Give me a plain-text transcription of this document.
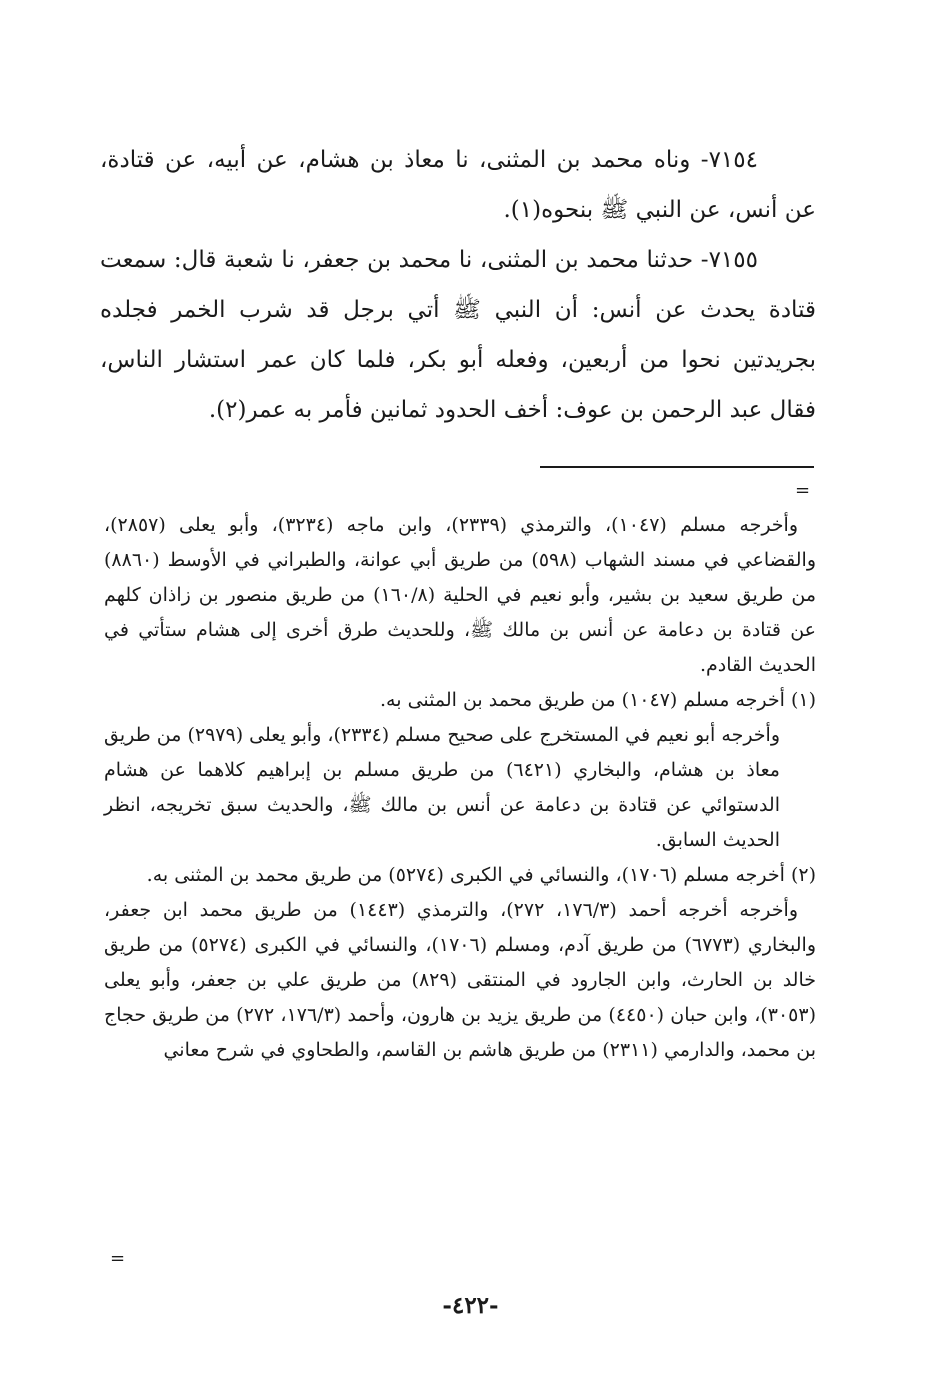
٧١٥٤- وناه محمد بن المثنى، نا معاذ بن هشام، عن أبيه، عن قتادة، عن أنس، عن النبي ﷺ بنحوه(١).

٧١٥٥- حدثنا محمد بن المثنى، نا محمد بن جعفر، نا شعبة قال: سمعت قتادة يحدث عن أنس: أن النبي ﷺ أتي برجل قد شرب الخمر فجلده بجريدتين نحوا من أربعين، وفعله أبو بكر، فلما كان عمر استشار الناس، فقال عبد الرحمن بن عوف: أخف الحدود ثمانين فأمر به عمر(٢).

=

وأخرجه مسلم (١٠٤٧)، والترمذي (٢٣٣٩)، وابن ماجه (٣٢٣٤)، وأبو يعلى (٢٨٥٧)، والقضاعي في مسند الشهاب (٥٩٨) من طريق أبي عوانة، والطبراني في الأوسط (٨٨٦٠) من طريق سعيد بن بشير، وأبو نعيم في الحلية (١٦٠/٨) من طريق منصور بن زاذان كلهم عن قتادة بن دعامة عن أنس بن مالك ﷺ، وللحديث طرق أخرى إلى هشام ستأتي في الحديث القادم.

(١) أخرجه مسلم (١٠٤٧) من طريق محمد بن المثنى به.

وأخرجه أبو نعيم في المستخرج على صحيح مسلم (٢٣٣٤)، وأبو يعلى (٢٩٧٩) من طريق معاذ بن هشام، والبخاري (٦٤٢١) من طريق مسلم بن إبراهيم كلاهما عن هشام الدستوائي عن قتادة بن دعامة عن أنس بن مالك ﷺ، والحديث سبق تخريجه، انظر الحديث السابق.

(٢) أخرجه مسلم (١٧٠٦)، والنسائي في الكبرى (٥٢٧٤) من طريق محمد بن المثنى به.

وأخرجه أخرجه أحمد (١٧٦/٣، ٢٧٢)، والترمذي (١٤٤٣) من طريق محمد ابن جعفر، والبخاري (٦٧٧٣) من طريق آدم، ومسلم (١٧٠٦)، والنسائي في الكبرى (٥٢٧٤) من طريق خالد بن الحارث، وابن الجارود في المنتقى (٨٢٩) من طريق علي بن جعفر، وأبو يعلى (٣٠٥٣)، وابن حبان (٤٤٥٠) من طريق يزيد بن هارون، وأحمد (١٧٦/٣، ٢٧٢) من طريق حجاج بن محمد، والدارمي (٢٣١١) من طريق هاشم بن القاسم، والطحاوي في شرح معاني

=
-٤٢٢-
